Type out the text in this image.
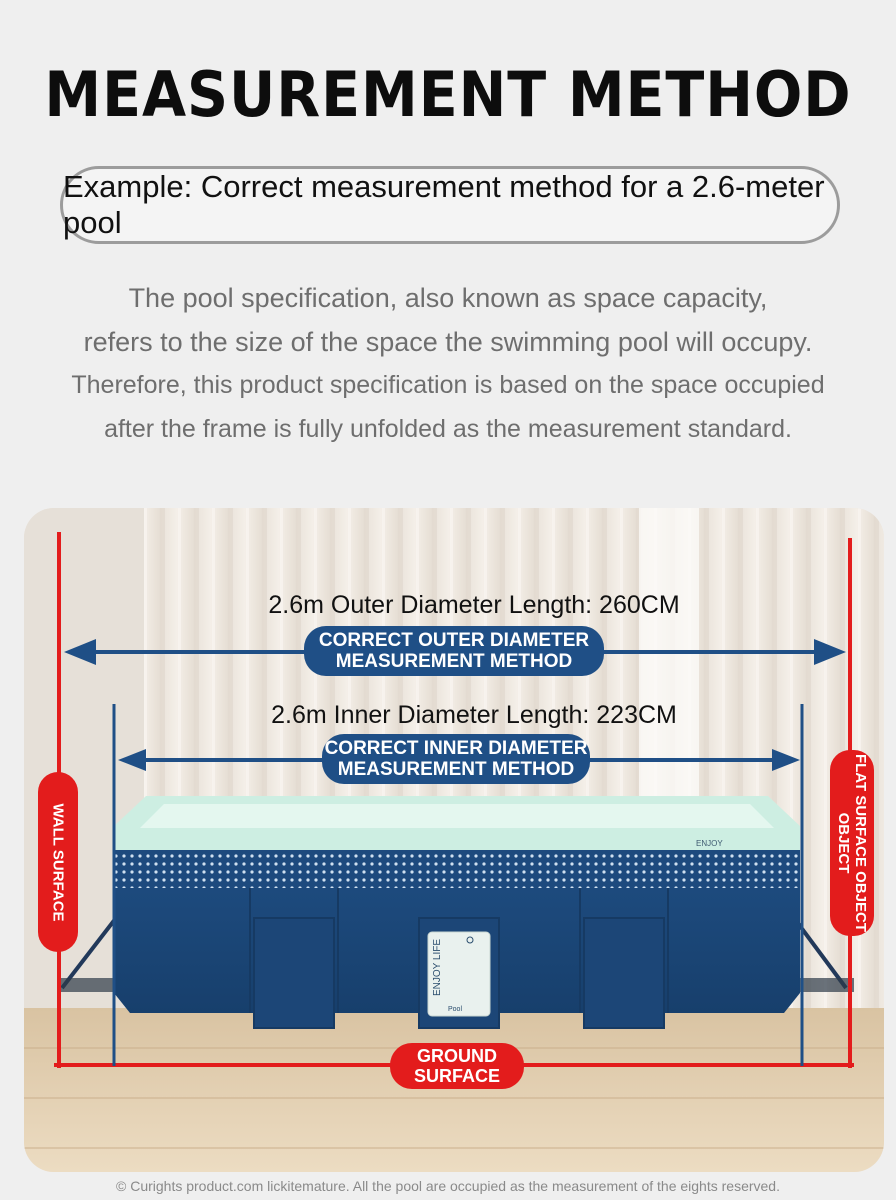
MEASUREMENT METHOD
Example: Correct measurement method for a 2.6-meter pool
The pool specification, also known as space capacity,
refers to the size of the space the swimming pool will occupy.
Therefore, this product specification is based on the space occupied
after the frame is fully unfolded as the measurement standard.
ENJOY LIFE
Pool
ENJOY
2.6m Outer Diameter Length: 260CM
CORRECT OUTER DIAMETER
MEASUREMENT METHOD
2.6m Inner Diameter Length: 223CM
CORRECT INNER DIAMETER
MEASUREMENT METHOD
WALL SURFACE	FLAT SURFACE OBJECT
OBJECT
GROUND
SURFACE
© Curights product.com lickitemature. All the pool are occupied as the measurement of the eights reserved.
